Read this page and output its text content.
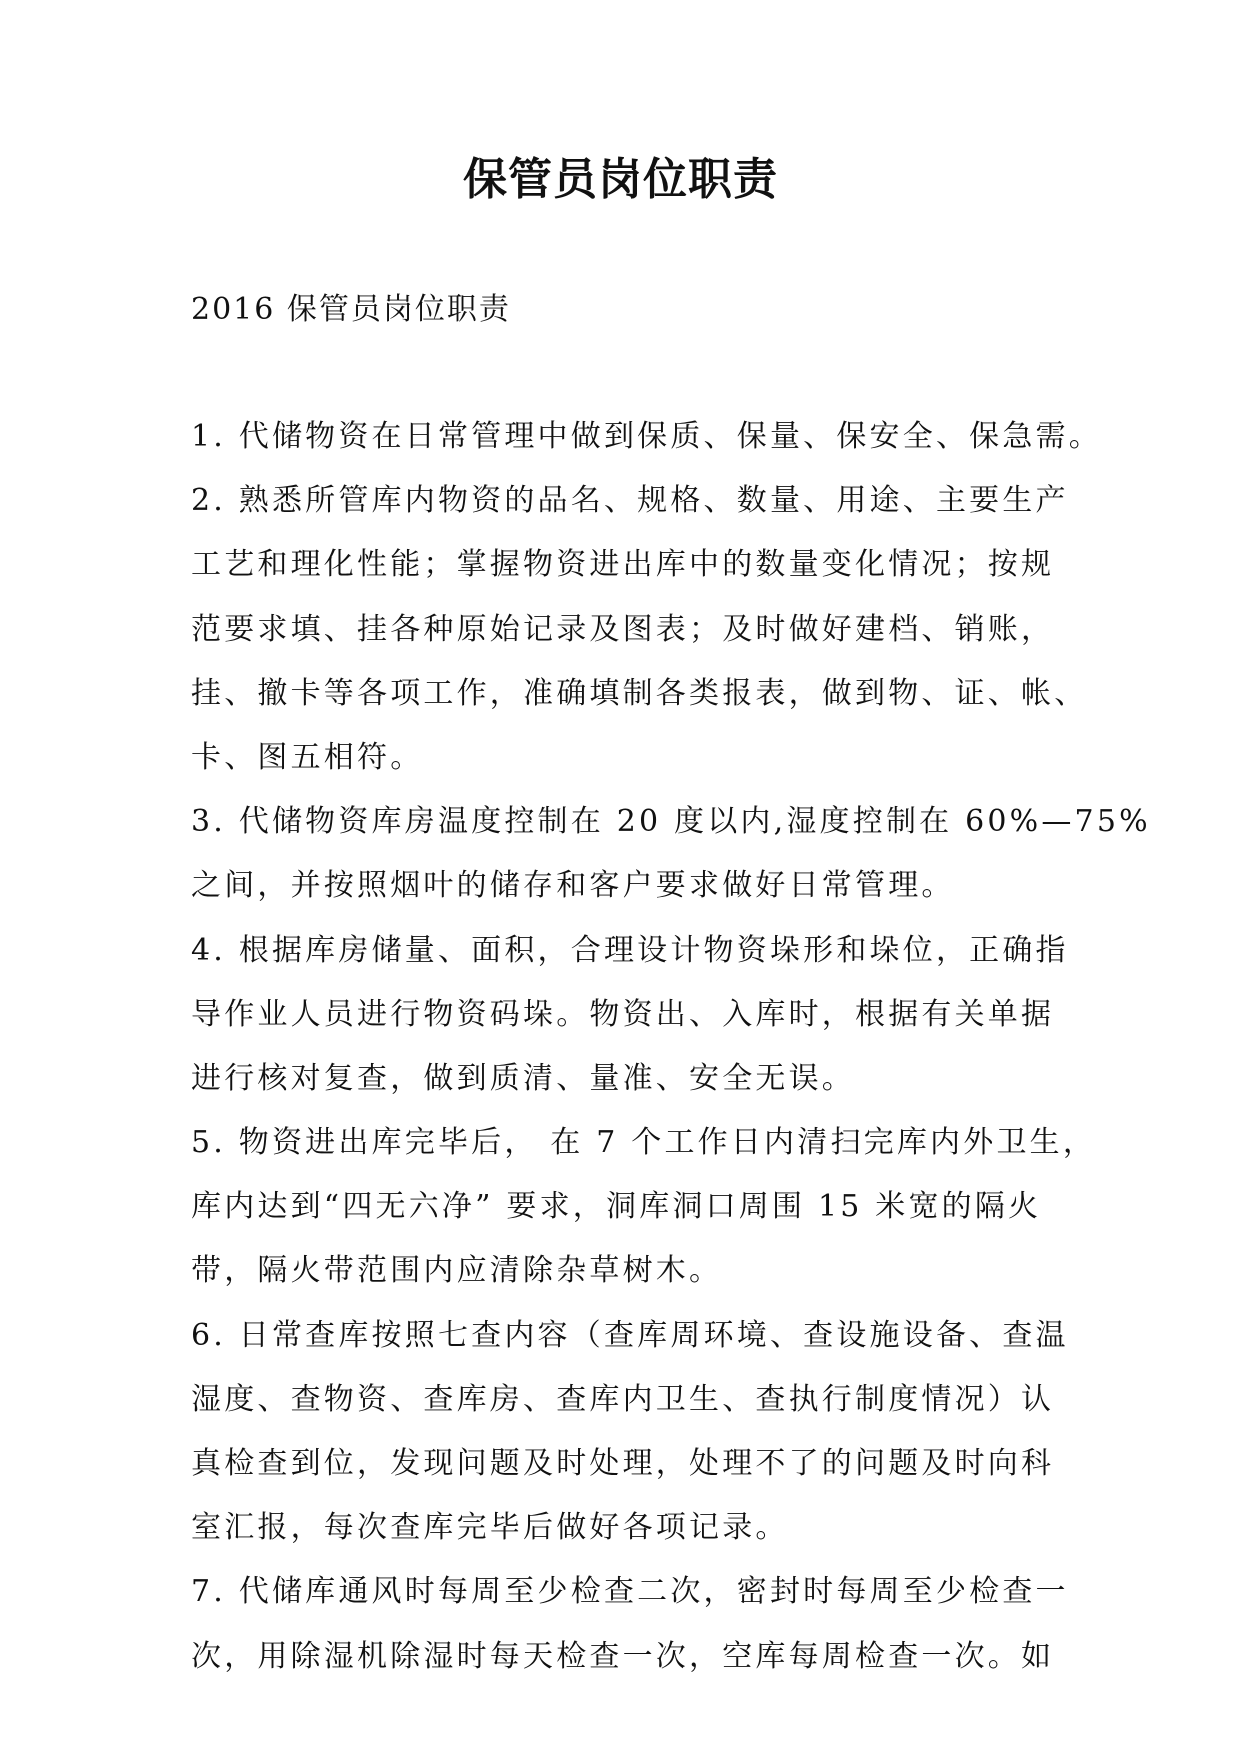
保管员岗位职责

2016 保管员岗位职责

1. 代储物资在日常管理中做到保质、保量、保安全、保急需。
2. 熟悉所管库内物资的品名、规格、数量、用途、主要生产
工艺和理化性能；掌握物资进出库中的数量变化情况；按规
范要求填、挂各种原始记录及图表；及时做好建档、销账，
挂、撤卡等各项工作，准确填制各类报表，做到物、证、帐、
卡、图五相符。
3. 代储物资库房温度控制在 20 度以内,湿度控制在 60%—75%
之间，并按照烟叶的储存和客户要求做好日常管理。
4. 根据库房储量、面积，合理设计物资垛形和垛位，正确指
导作业人员进行物资码垛。物资出、入库时，根据有关单据
进行核对复查，做到质清、量准、安全无误。
5. 物资进出库完毕后， 在 7 个工作日内清扫完库内外卫生，
库内达到“四无六净” 要求，洞库洞口周围 15 米宽的隔火
带，隔火带范围内应清除杂草树木。
6. 日常查库按照七查内容（查库周环境、查设施设备、查温
湿度、查物资、查库房、查库内卫生、查执行制度情况）认
真检查到位，发现问题及时处理，处理不了的问题及时向科
室汇报，每次查库完毕后做好各项记录。
7. 代储库通风时每周至少检查二次，密封时每周至少检查一
次，用除湿机除湿时每天检查一次，空库每周检查一次。如
